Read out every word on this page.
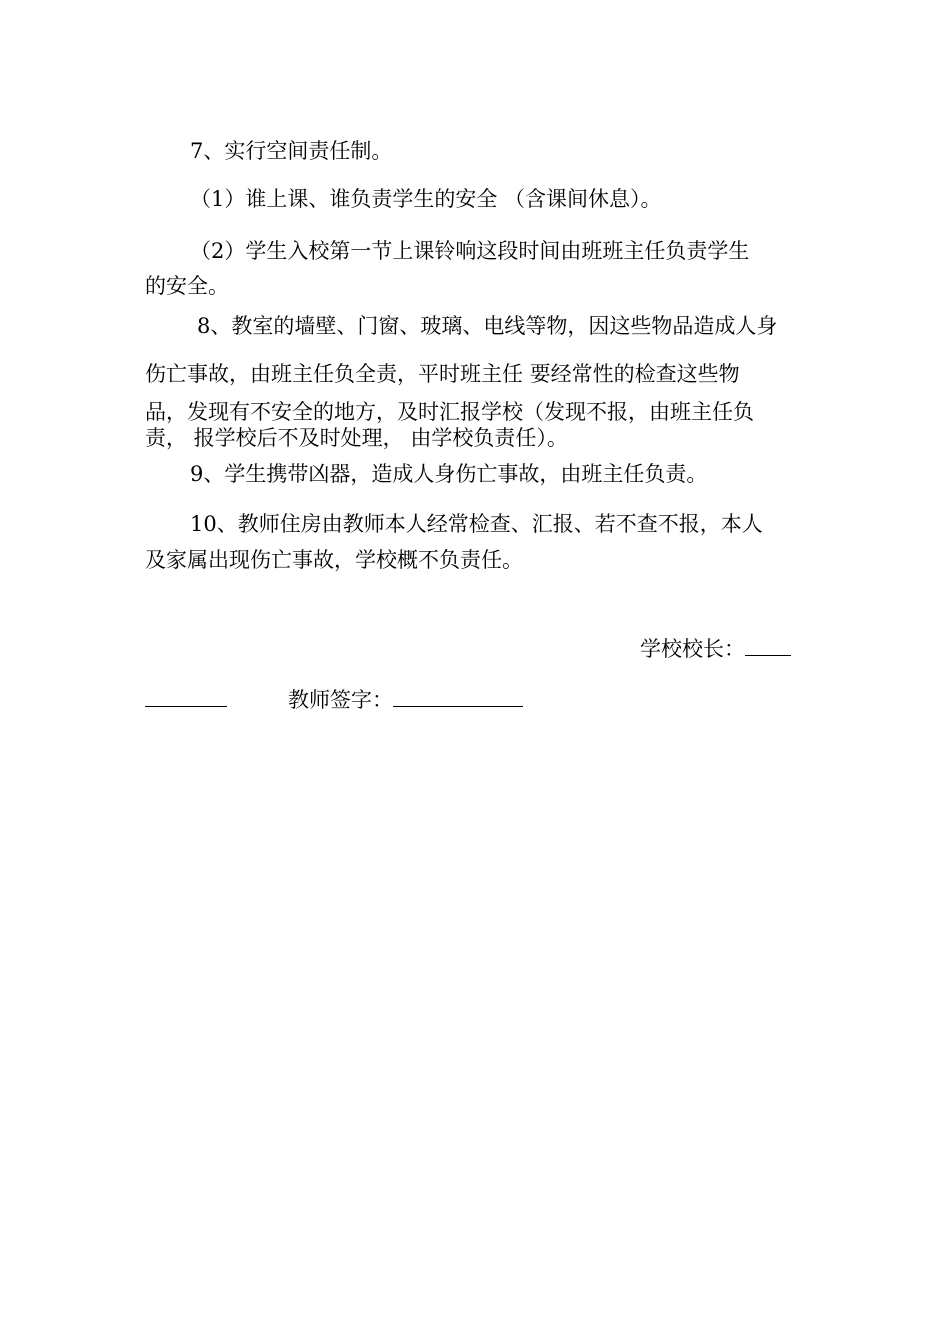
7、实行空间责任制。
（1）谁上课、谁负责学生的安全 （含课间休息）。
（2）学生入校第一节上课铃响这段时间由班班主任负责学生
的安全。
8、教室的墙壁、门窗、玻璃、电线等物，因这些物品造成人身
伤亡事故，由班主任负全责，平时班主任 要经常性的检查这些物
品，发现有不安全的地方，及时汇报学校（发现不报，由班主任负
责， 报学校后不及时处理， 由学校负责任）。
9、学生携带凶器，造成人身伤亡事故，由班主任负责。
10、教师住房由教师本人经常检查、汇报、若不查不报，本人
及家属出现伤亡事故，学校概不负责任。
学校校长：
教师签字：
